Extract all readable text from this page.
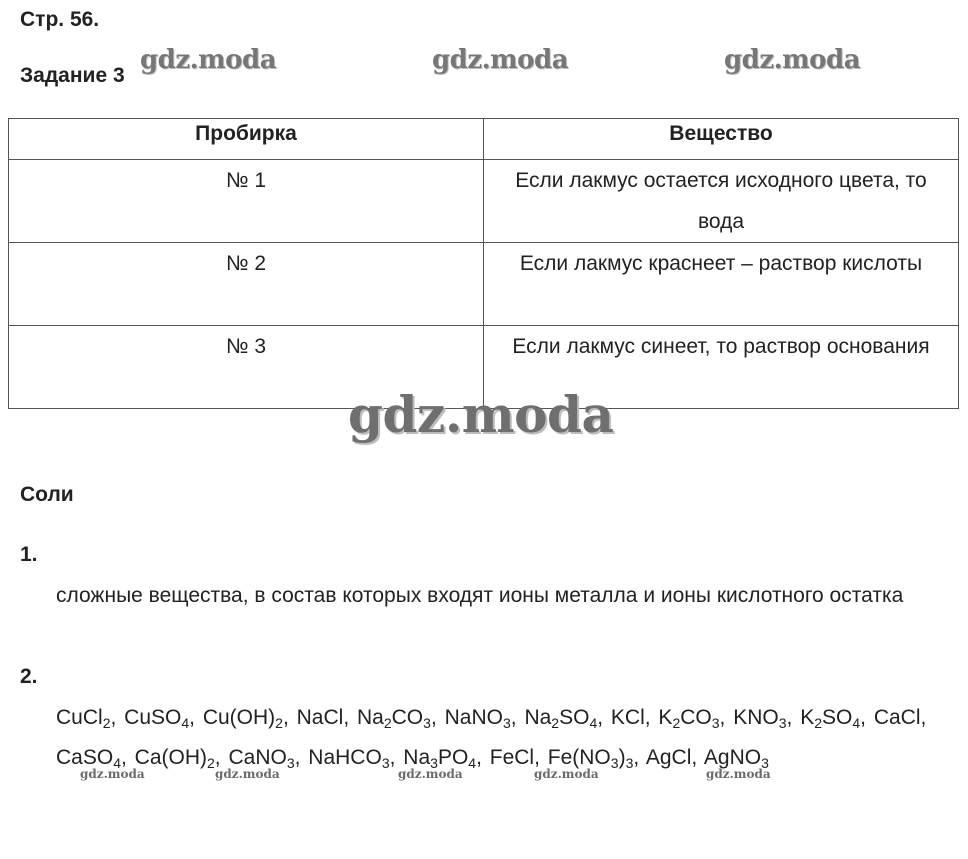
Стр. 56.
Задание 3
gdz.moda	gdz.moda	gdz.moda
Пробирка	Вещество
№ 1	Если лакмус остается исходного цвета, то вода
№ 2	Если лакмус краснеет – раствор кислоты
№ 3	Если лакмус синеет, то раствор основания
gdz.moda
Соли
1.
сложные вещества, в состав которых входят ионы металла и ионы кислотного остатка
2.
CuCl$_2$, CuSO$_4$, $Cu(OH)_2$, NaCl, $Na_2CO_3$, NaNO$_3$, $Na_2SO_4$, KCl, $K_2CO_3$, $KNO_3$, $K_2SO_4$, CaCl, CaSO$_4$, $Ca(OH)_2$, CaNO$_3$, NaHCO$_3$, $Na_3PO_4$, FeCl, $Fe(NO_3)_3$, AgCl, AgNO$_3$
gdz.moda	gdz.moda	gdz.moda	gdz.moda	gdz.moda
